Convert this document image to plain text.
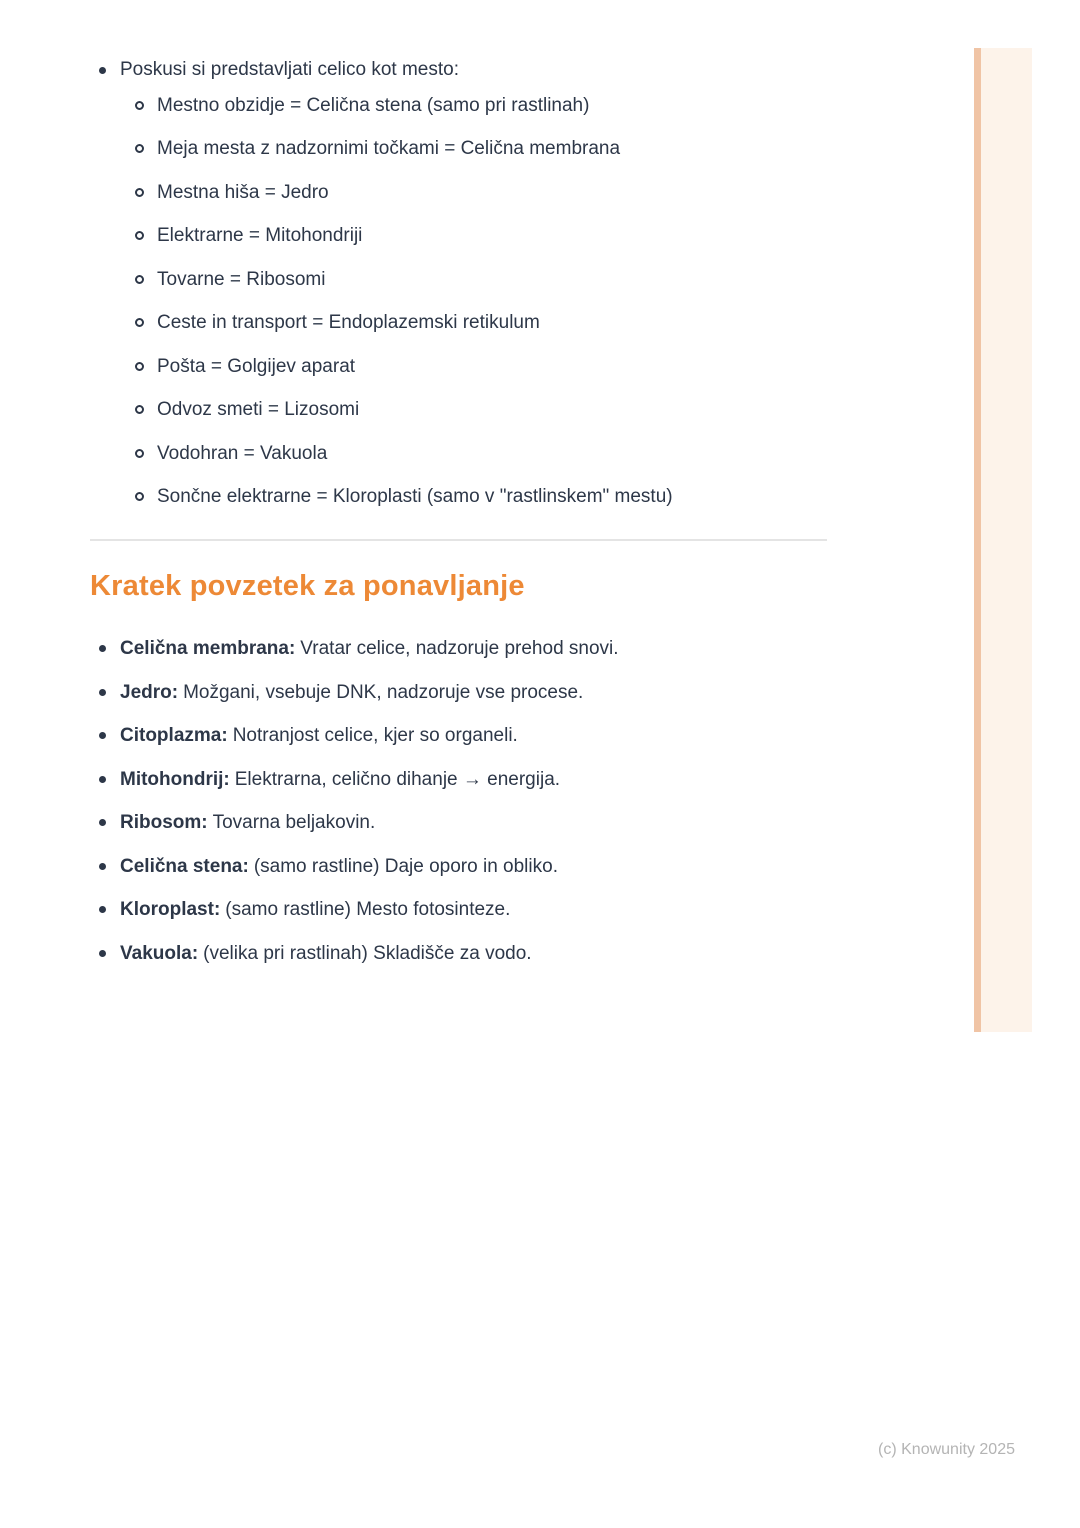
Poskusi si predstavljati celico kot mesto:
Mestno obzidje = Celična stena (samo pri rastlinah)
Meja mesta z nadzornimi točkami = Celična membrana
Mestna hiša = Jedro
Elektrarne = Mitohondriji
Tovarne = Ribosomi
Ceste in transport = Endoplazemski retikulum
Pošta = Golgijev aparat
Odvoz smeti = Lizosomi
Vodohran = Vakuola
Sončne elektrarne = Kloroplasti (samo v "rastlinskem" mestu)
Kratek povzetek za ponavljanje
Celična membrana: Vratar celice, nadzoruje prehod snovi.
Jedro: Možgani, vsebuje DNK, nadzoruje vse procese.
Citoplazma: Notranjost celice, kjer so organeli.
Mitohondrij: Elektrarna, celično dihanje → energija.
Ribosom: Tovarna beljakovin.
Celična stena: (samo rastline) Daje oporo in obliko.
Kloroplast: (samo rastline) Mesto fotosinteze.
Vakuola: (velika pri rastlinah) Skladišče za vodo.
(c) Knowunity 2025
